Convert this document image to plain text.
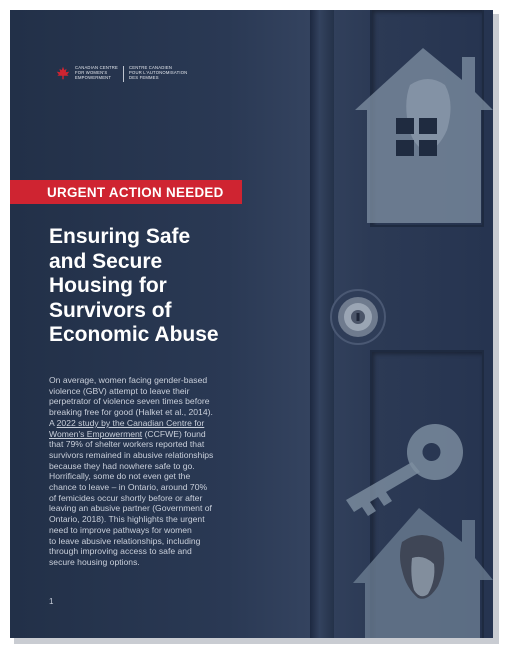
CANADIAN CENTRE
FOR WOMEN'S
EMPOWERMENT
CENTRE CANADIEN
POUR L'AUTONOMISATION
DES FEMMES
URGENT ACTION NEEDED
Ensuring Safe
and Secure
Housing for
Survivors of
Economic Abuse

On average, women facing gender-based
violence (GBV) attempt to leave their
perpetrator of violence seven times before
breaking free for good (Halket et al., 2014).
A 2022 study by the Canadian Centre for
Women's Empowerment (CCFWE) found
that 79% of shelter workers reported that
survivors remained in abusive relationships
because they had nowhere safe to go.
Horrifically, some do not even get the
chance to leave – in Ontario, around 70%
of femicides occur shortly before or after
leaving an abusive partner (Government of
Ontario, 2018). This highlights the urgent
need to improve pathways for women
to leave abusive relationships, including
through improving access to safe and
secure housing options.

1
